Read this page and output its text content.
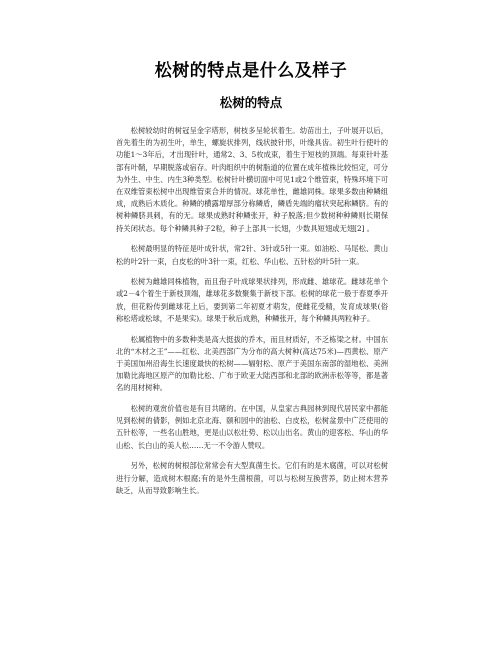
松树的特点是什么及样子
松树的特点

松树较幼时的树冠呈金字塔形，树枝多呈轮状着生。幼苗出土，子叶展开以后，首先着生的为初生叶，单生，螺旋状排列，线状披针形，叶缘具齿。初生叶行使叶的功能1～3年后，才出现针叶，通常2、3、5枚成束，着生于短枝的顶端。每束针叶基部有叶鞘，早期脱落或宿存。叶肉组织中的树脂道的位置在成年植株比较恒定，可分为外生、中生、内生3种类型。松树针叶横切面中可见1或2个维管束，特殊环境下可在双维管束松树中出现维管束合并的情况。球花单性，雌雄同株。球果多数由种鳞组成，成熟后木质化。种鳞的横露增厚部分称鳞盾，鳞盾先端的瘤状突起称鳞脐。有的树种鳞脐具刺，有的无。球果成熟时种鳞张开，种子脱落;但少数树种种鳞则长期保持关闭状态。每个种鳞具种子2粒，种子上部具一长翅，少数具短翅或无翅[2] 。

松树最明显的特征是叶成针状，常2针、3针或5针一束。如油松、马尾松、黄山松的叶2针一束，白皮松的叶3针一束，红松、华山松、五针松的叶5针一束。

松树为雌雄同株植物，而且孢子叶成球果状排列，形成雌、雄球花。雌球花单个或2－4个着生于新枝顶端，雄球花多数聚集于新枝下部。松树的球花一般于春夏季开放，但花粉传到雌球花上后，要到第二年初夏才萌发，使雌花受精，发育成球果(俗称松塔或松球，不是果实)。球果于秋后成熟，种鳞张开，每个种鳞具两粒种子。

松属植物中的多数种类是高大挺拔的乔木，而且材质好，不乏栋梁之材。中国东北的“木材之王”——红松、北美西部广为分布的高大树种(高达75米)—西黄松、原产于美国加州沿海生长速度最快的松树——辐射松、原产于美国东南部的湿地松、美洲加勒比海地区原产的加勒比松、广布于欧亚大陆西部和北部的欧洲赤松等等，都是著名的用材树种。

松树的观赏价值也是有目共睹的。在中国，从皇家古典园林到现代居民家中都能见到松树的倩影，例如北京北海、颐和园中的油松、白皮松，松树盆景中广泛使用的五针松等，一些名山胜地，更是山以松壮势、松以山出名。黄山的迎客松、华山的华山松、长白山的美人松……无一不令游人赞叹。

另外，松树的树根部位常常会有大型真菌生长。它们有的是木腐菌，可以对松树进行分解，造成树木根腐;有的是外生菌根菌，可以与松树互换营养，防止树木营养缺乏，从而导致影响生长。
